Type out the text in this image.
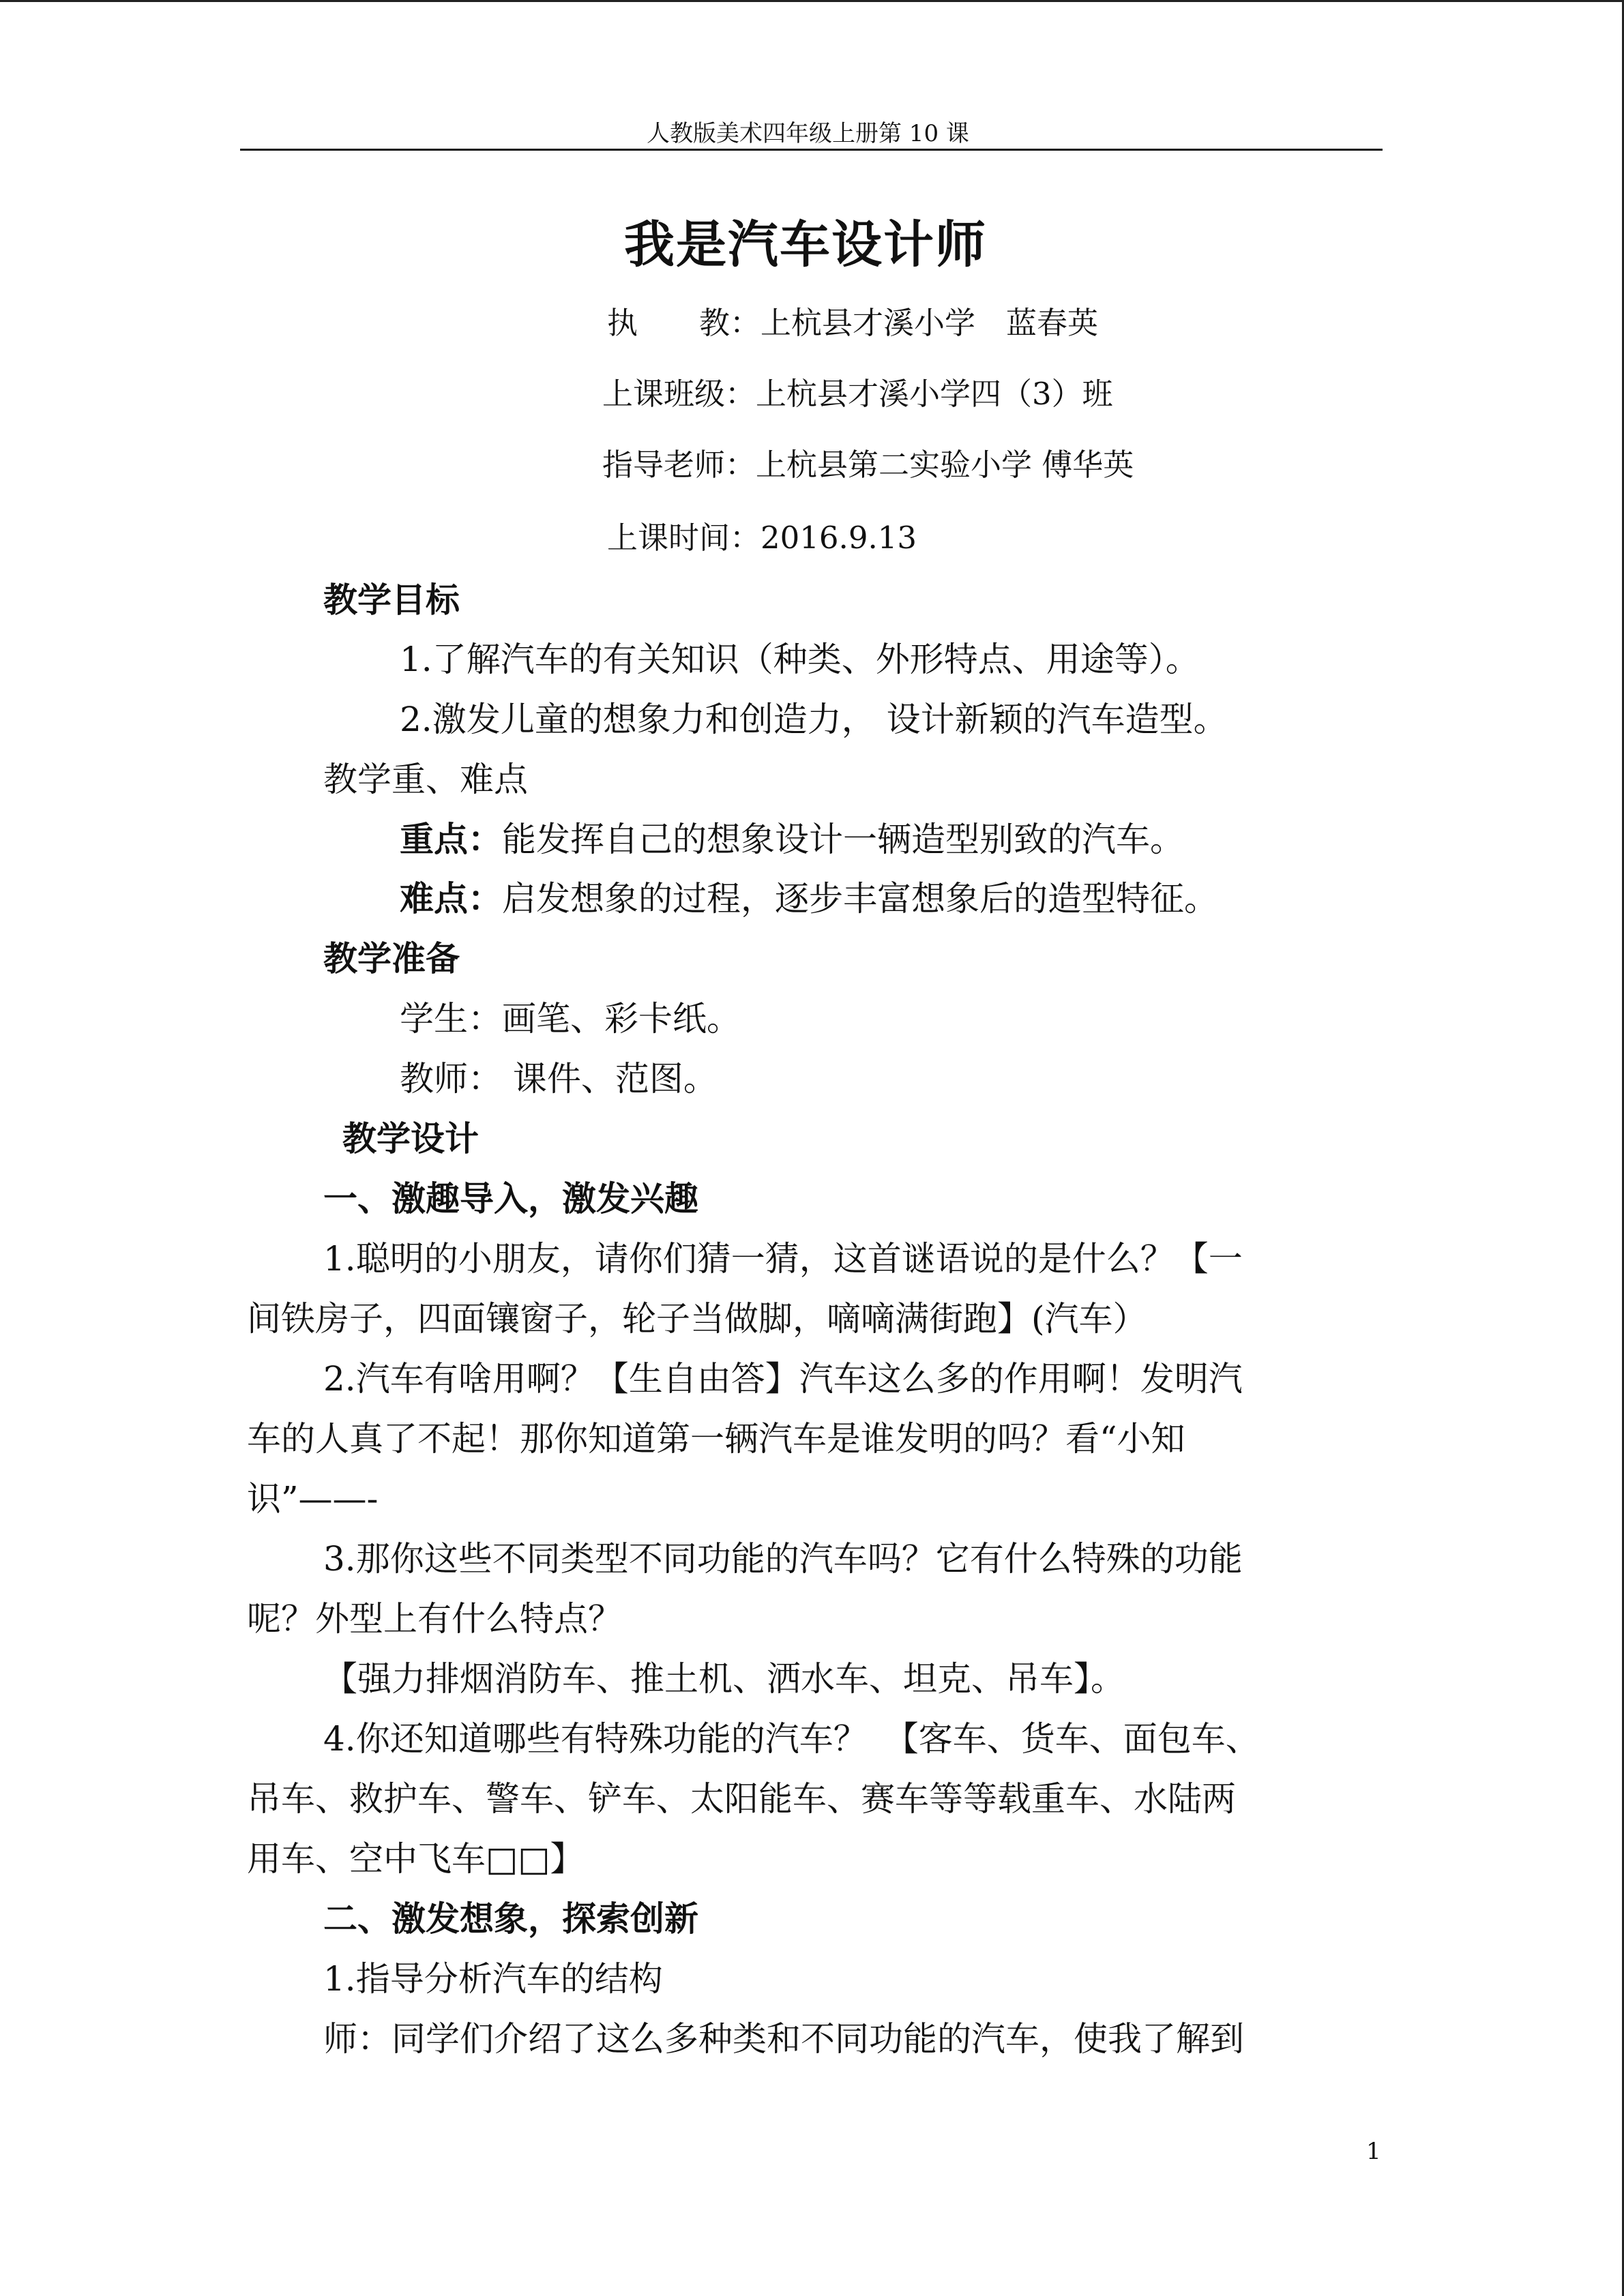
人教版美术四年级上册第 10 课
我是汽车设计师
执　　教：上杭县才溪小学　蓝春英
上课班级：上杭县才溪小学四（3）班
指导老师：上杭县第二实验小学 傅华英
上课时间：2016.9.13
教学目标
1.了解汽车的有关知识（种类、外形特点、用途等）。
2.激发儿童的想象力和创造力， 设计新颖的汽车造型。
教学重、难点
重点：能发挥自己的想象设计一辆造型别致的汽车。
难点：启发想象的过程，逐步丰富想象后的造型特征。
教学准备
学生：画笔、彩卡纸。
教师： 课件、范图。
教学设计
一、激趣导入，激发兴趣
1.聪明的小朋友，请你们猜一猜，这首谜语说的是什么？【一
间铁房子，四面镶窗子，轮子当做脚，嘀嘀满街跑】(汽车）
2.汽车有啥用啊？【生自由答】汽车这么多的作用啊！发明汽
车的人真了不起！那你知道第一辆汽车是谁发明的吗？看“小知
识”——-
3.那你这些不同类型不同功能的汽车吗？它有什么特殊的功能
呢？外型上有什么特点？
【强力排烟消防车、推土机、洒水车、坦克、吊车】。
4.你还知道哪些有特殊功能的汽车？　【客车、货车、面包车、
吊车、救护车、警车、铲车、太阳能车、赛车等等载重车、水陆两
用车、空中飞车□□】
二、激发想象，探索创新
1.指导分析汽车的结构
师：同学们介绍了这么多种类和不同功能的汽车，使我了解到
1
